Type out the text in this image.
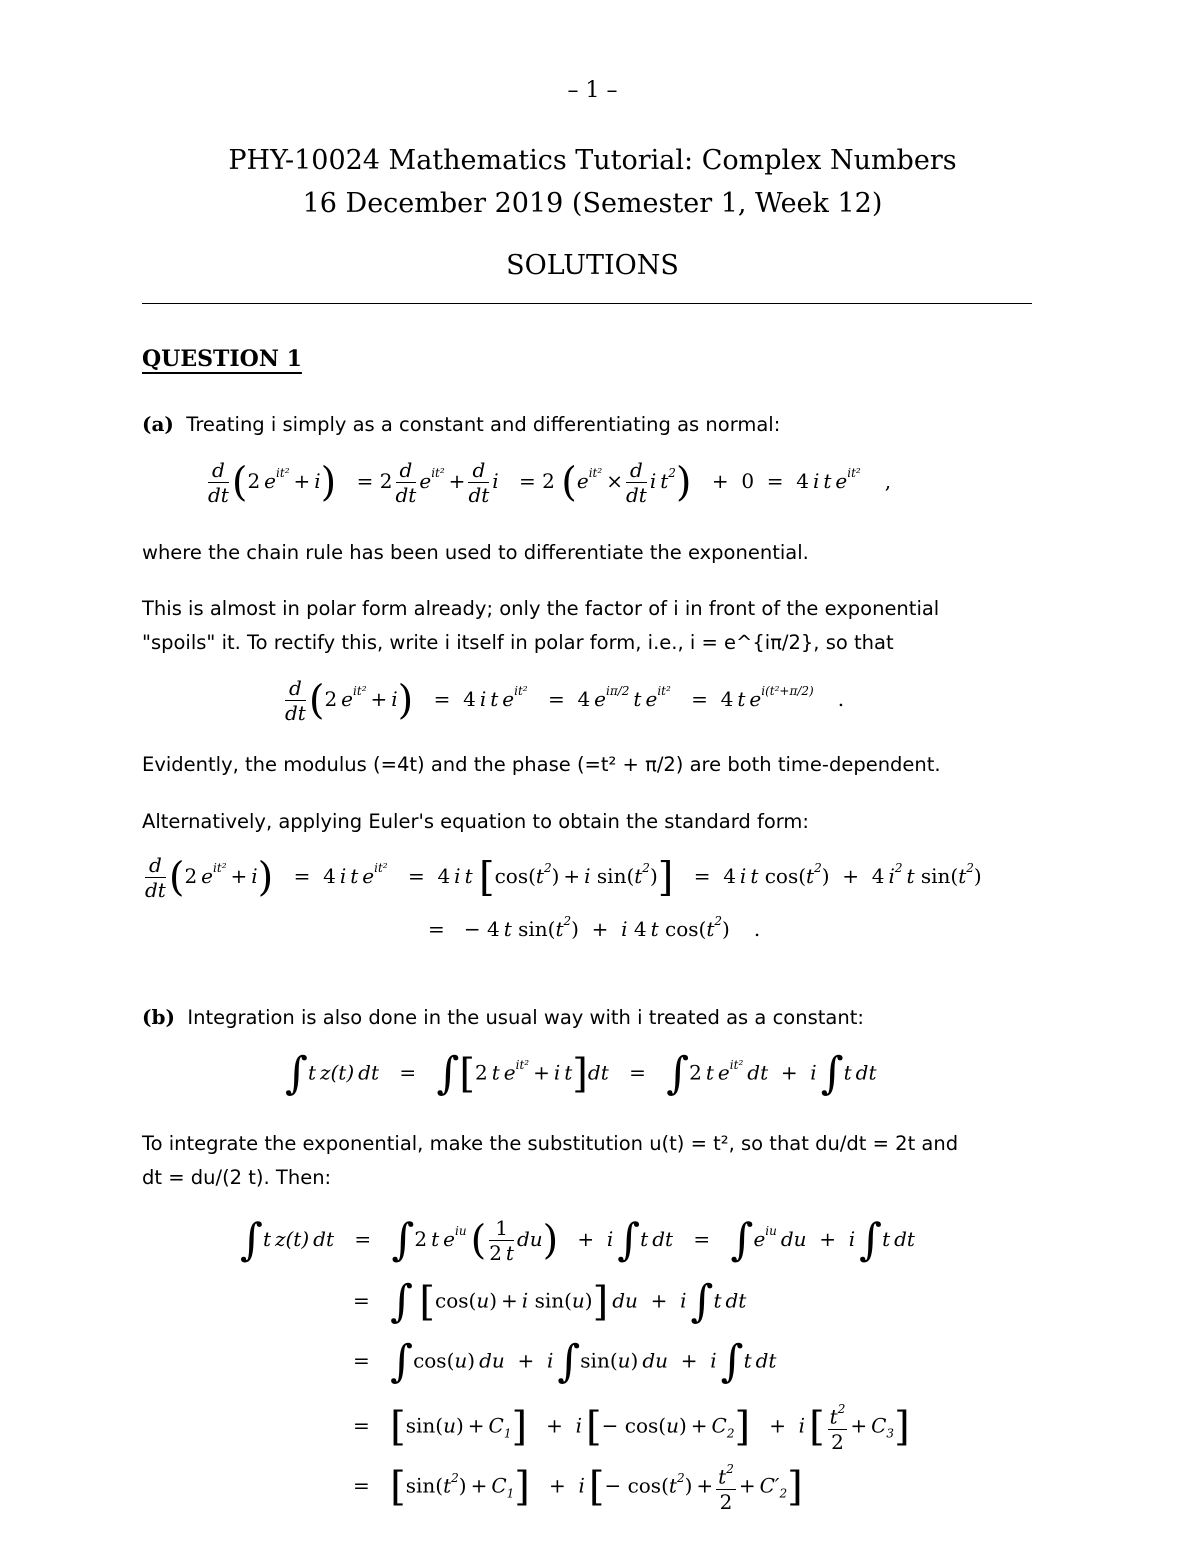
– 1 –
PHY-10024 Mathematics Tutorial: Complex Numbers
16 December 2019 (Semester 1, Week 12)
SOLUTIONS
QUESTION 1
(a) Treating i simply as a constant and differentiating as normal:
$\frac{d}{dt} (2$ $e^{it^2} + i) = 2 \frac{d}{dt} e^{it^2} + \frac{d}{dt}$ i = 2 ($e^{it^2} \times \frac{d}{dt}$ i $t^2) + 0 = 4$ i t $e^{it^2}$ ,
where the chain rule has been used to differentiate the exponential.
This is almost in polar form already; only the factor of i in front of the exponential
"spoils" it. To rectify this, write i itself in polar form, i.e., i = e^{iπ/2}, so that
$\frac{d}{dt} (2$ $e^{it^2} + i) = 4$ i t $e^{it^2} = 4$ $e^{i\pi/2}$ t $e^{it^2} = 4$ t $e^{i(t^2+\pi/2)}$ .
Evidently, the modulus (=4t) and the phase (=t² + π/2) are both time-dependent.
Alternatively, applying Euler's equation to obtain the standard form:
$\frac{d}{dt} (2$ $e^{it^2} + i) = 4$ i t $e^{it^2} = 4$ i t [$\cos(t^2) + i$ $\sin(t^2)] = 4$ i t $\cos(t^2) + 4$ $i^2$ t $\sin(t^2)$
= − 4 t $\sin(t^2) + i$ 4 t $\cos(t^2)$ .
(b) Integration is also done in the usual way with i treated as a constant:
∫t z(t) dt = ∫[2 t $e^{it^2} + i$ t]dt = ∫2 t $e^{it^2}$ dt  +  i ∫t dt
To integrate the exponential, make the substitution u(t) = t², so that du/dt = 2t and
dt = du/(2 t). Then:
∫t z(t) dt = ∫2 t $e^{iu}$  ( $\frac{1}{2 t} du) + i$ ∫t dt = $\int e^{iu}$ du  +  i ∫t dt
= ∫ [cos(u)  + i sin(u)] du  +  i ∫t dt
= ∫cos(u) du  +  i ∫sin(u) du  +  i ∫t dt
= $[\sin(u) + C_1] + i$ [− $\cos(u) + C_2] + i$ [ $\frac{t^2}{2} + C_3$]
= $[\sin(t^2) + C_1] + i$ [− $\cos(t^2) + \frac{t^2}{2} + C'_2$]
